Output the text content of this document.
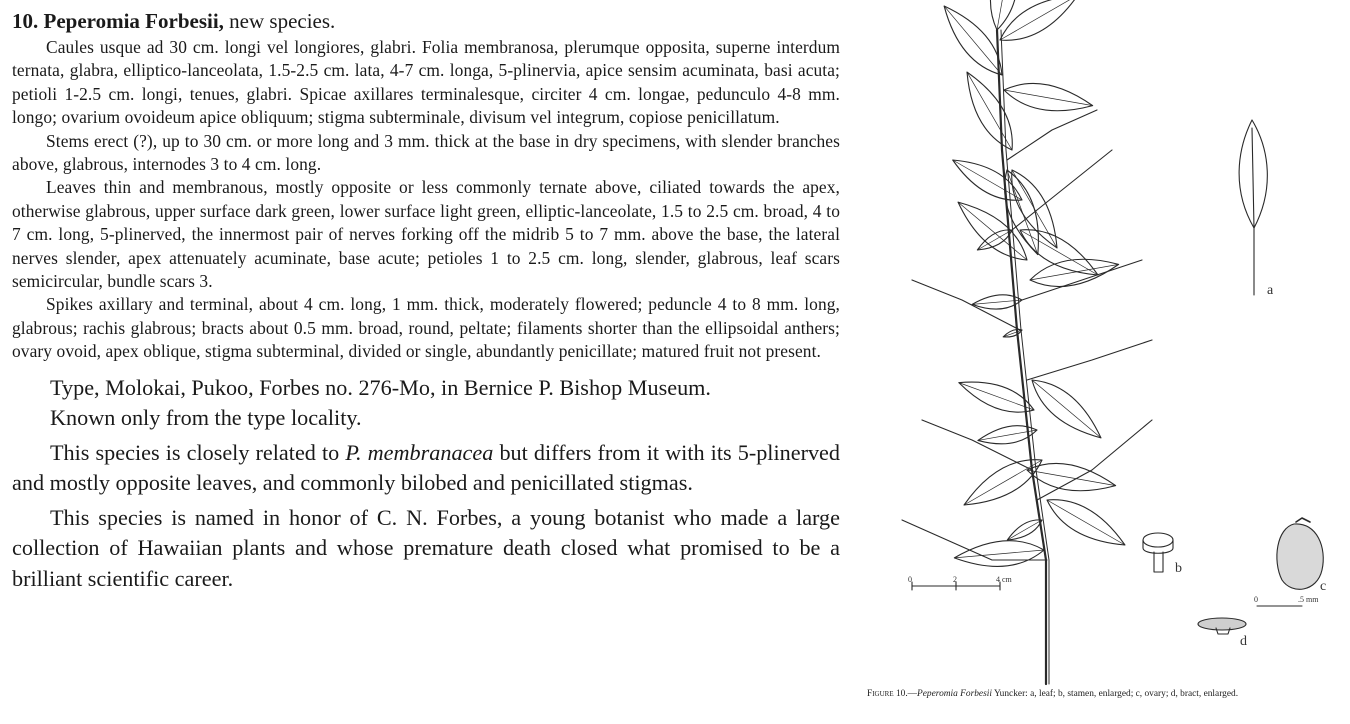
10. Peperomia Forbesii, new species.

Caules usque ad 30 cm. longi vel longiores, glabri. Folia membranosa, plerumque opposita, superne interdum ternata, glabra, elliptico-lanceolata, 1.5-2.5 cm. lata, 4-7 cm. longa, 5-plinervia, apice sensim acuminata, basi acuta; petioli 1-2.5 cm. longi, tenues, glabri. Spicae axillares terminalesque, circiter 4 cm. longae, pedunculo 4-8 mm. longo; ovarium ovoideum apice obliquum; stigma subterminale, divisum vel integrum, copiose penicillatum.

Stems erect (?), up to 30 cm. or more long and 3 mm. thick at the base in dry specimens, with slender branches above, glabrous, internodes 3 to 4 cm. long.

Leaves thin and membranous, mostly opposite or less commonly ternate above, ciliated towards the apex, otherwise glabrous, upper surface dark green, lower surface light green, elliptic-lanceolate, 1.5 to 2.5 cm. broad, 4 to 7 cm. long, 5-plinerved, the innermost pair of nerves forking off the midrib 5 to 7 mm. above the base, the lateral nerves slender, apex attenuately acuminate, base acute; petioles 1 to 2.5 cm. long, slender, glabrous, leaf scars semicircular, bundle scars 3.

Spikes axillary and terminal, about 4 cm. long, 1 mm. thick, moderately flowered; peduncle 4 to 8 mm. long, glabrous; rachis glabrous; bracts about 0.5 mm. broad, round, peltate; filaments shorter than the ellipsoidal anthers; ovary ovoid, apex oblique, stigma subterminal, divided or single, abundantly penicillate; matured fruit not present.

Type, Molokai, Pukoo, Forbes no. 276-Mo, in Bernice P. Bishop Museum.

Known only from the type locality.

This species is closely related to P. membranacea but differs from it with its 5-plinerved and mostly opposite leaves, and commonly bilobed and penicillated stigmas.

This species is named in honor of C. N. Forbes, a young botanist who made a large collection of Hawaiian plants and whose premature death closed what promised to be a brilliant scientific career.

a
b
c
d
0	2	4 cm
0	.5 mm
Figure 10.—Peperomia Forbesii Yuncker: a, leaf; b, stamen, enlarged; c, ovary; d, bract, enlarged.
